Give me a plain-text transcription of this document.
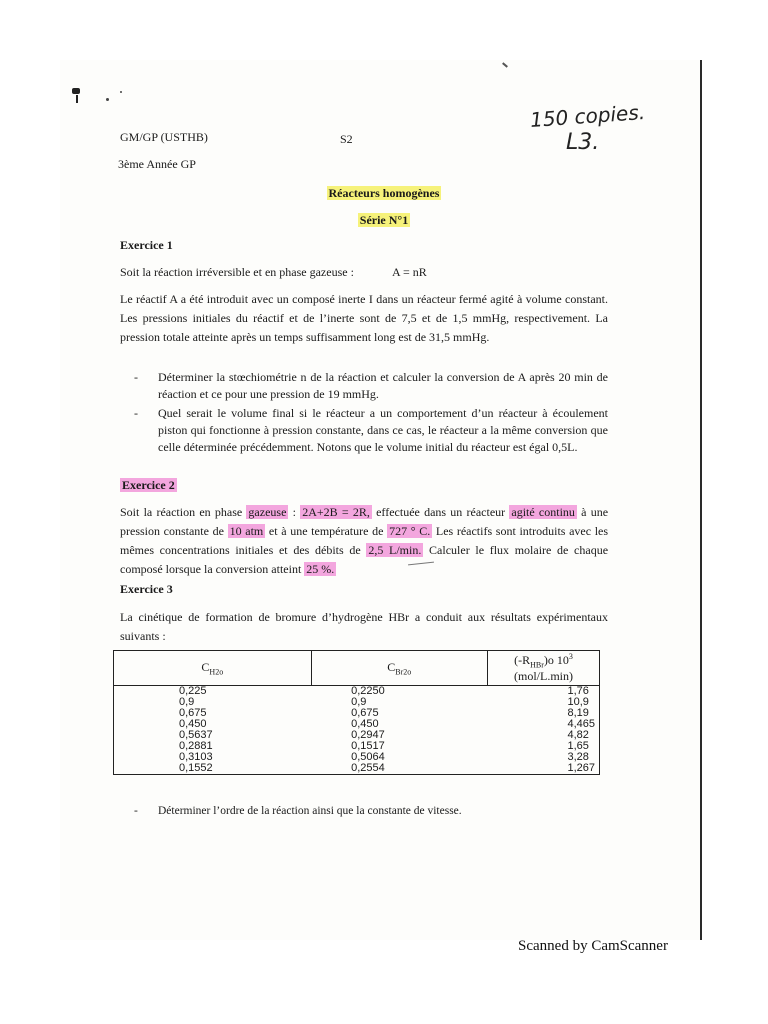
GM/GP (USTHB)	S2
3ème Année GP
150 copies.
L3.
Réacteurs homogènes
Série N°1
Exercice 1
Soit la réaction irréversible et en phase gazeuse :	A = nR
Le réactif A a été introduit avec un composé inerte I dans un réacteur fermé agité à volume constant. Les pressions initiales du réactif et de l’inerte sont de 7,5 et de 1,5 mmHg, respectivement. La pression totale atteinte après un temps suffisamment long est de 31,5 mmHg.
- Déterminer la stœchiométrie n de la réaction et calculer la conversion de A après 20 min de réaction et ce pour une pression de 19 mmHg.
- Quel serait le volume final si le réacteur a un comportement d’un réacteur à écoulement piston qui fonctionne à pression constante, dans ce cas, le réacteur a la même conversion que celle déterminée précédemment. Notons que le volume initial du réacteur est égal 0,5L.
Exercice 2
Soit la réaction en phase gazeuse : 2A+2B = 2R, effectuée dans un réacteur agité continu à une pression constante de 10 atm et à une température de 727 ° C. Les réactifs sont introduits avec les mêmes concentrations initiales et des débits de 2,5 L/min. Calculer le flux molaire de chaque composé lorsque la conversion atteint 25 %.
Exercice 3
La cinétique de formation de bromure d’hydrogène HBr a conduit aux résultats expérimentaux suivants :
$C_{H2o}$	$C_{Br2o}$	$(-R_{HBr})o$ $10^3$ (mol/L.min)
0,225	0,2250	1,76
0,9	0,9	10,9
0,675	0,675	8,19
0,450	0,450	4,465
0,5637	0,2947	4,82
0,2881	0,1517	1,65
0,3103	0,5064	3,28
0,1552	0,2554	1,267
- Déterminer l’ordre de la réaction ainsi que la constante de vitesse.
Scanned by CamScanner
